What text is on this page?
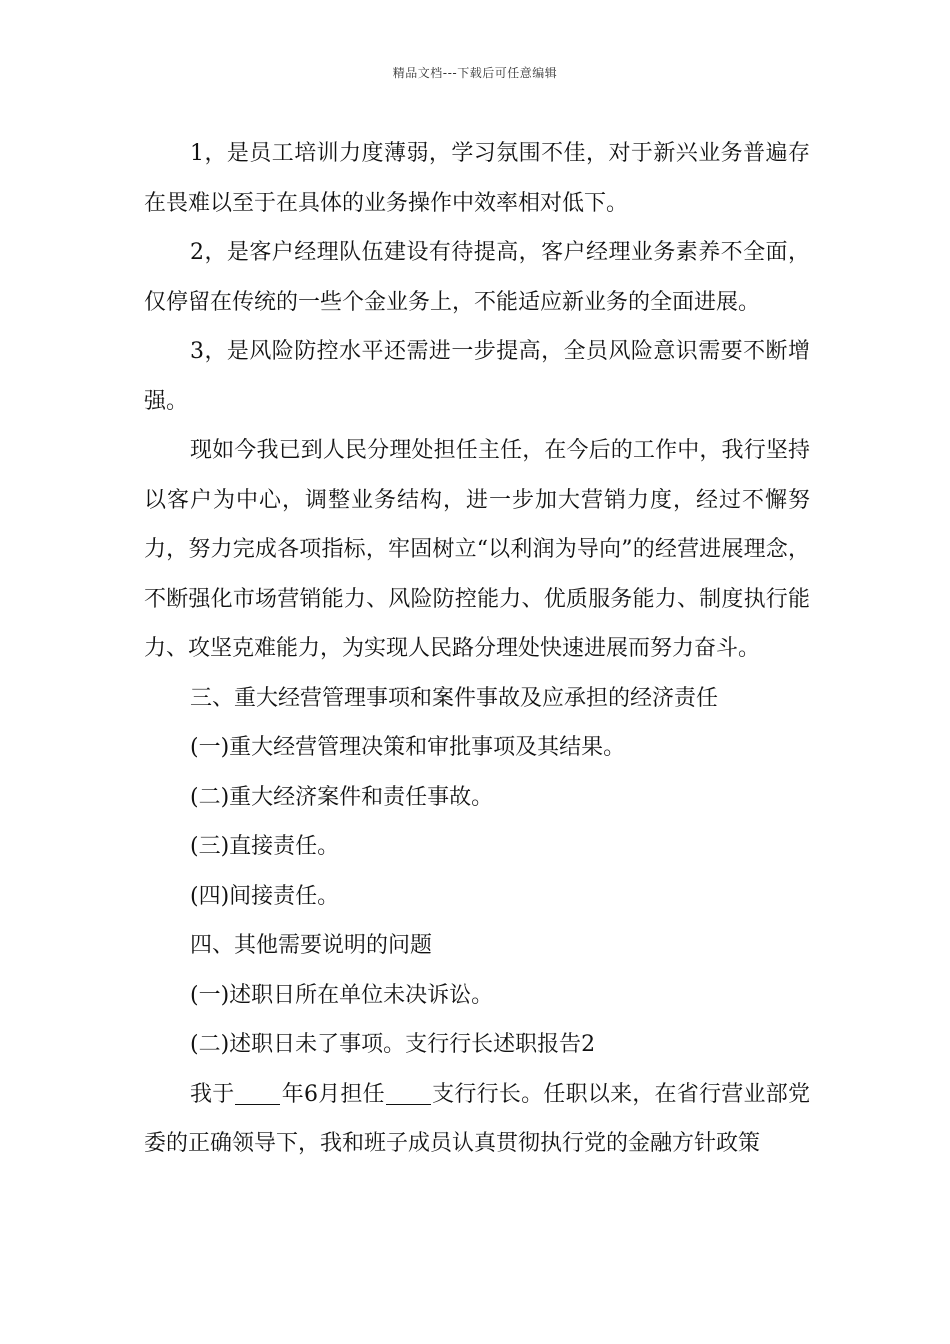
精品文档---下载后可任意编辑

1，是员工培训力度薄弱，学习氛围不佳，对于新兴业务普遍存在畏难以至于在具体的业务操作中效率相对低下。

2，是客户经理队伍建设有待提高，客户经理业务素养不全面，仅停留在传统的一些个金业务上，不能适应新业务的全面进展。

3，是风险防控水平还需进一步提高，全员风险意识需要不断增强。

现如今我已到人民分理处担任主任，在今后的工作中，我行坚持以客户为中心，调整业务结构，进一步加大营销力度，经过不懈努力，努力完成各项指标，牢固树立“以利润为导向”的经营进展理念，不断强化市场营销能力、风险防控能力、优质服务能力、制度执行能力、攻坚克难能力，为实现人民路分理处快速进展而努力奋斗。

三、重大经营管理事项和案件事故及应承担的经济责任

(一)重大经营管理决策和审批事项及其结果。

(二)重大经济案件和责任事故。

(三)直接责任。

(四)间接责任。

四、其他需要说明的问题

(一)述职日所在单位未决诉讼。

(二)述职日未了事项。支行行长述职报告2

我于 年6月担任 支行行长。任职以来，在省行营业部党委的正确领导下，我和班子成员认真贯彻执行党的金融方针政策
